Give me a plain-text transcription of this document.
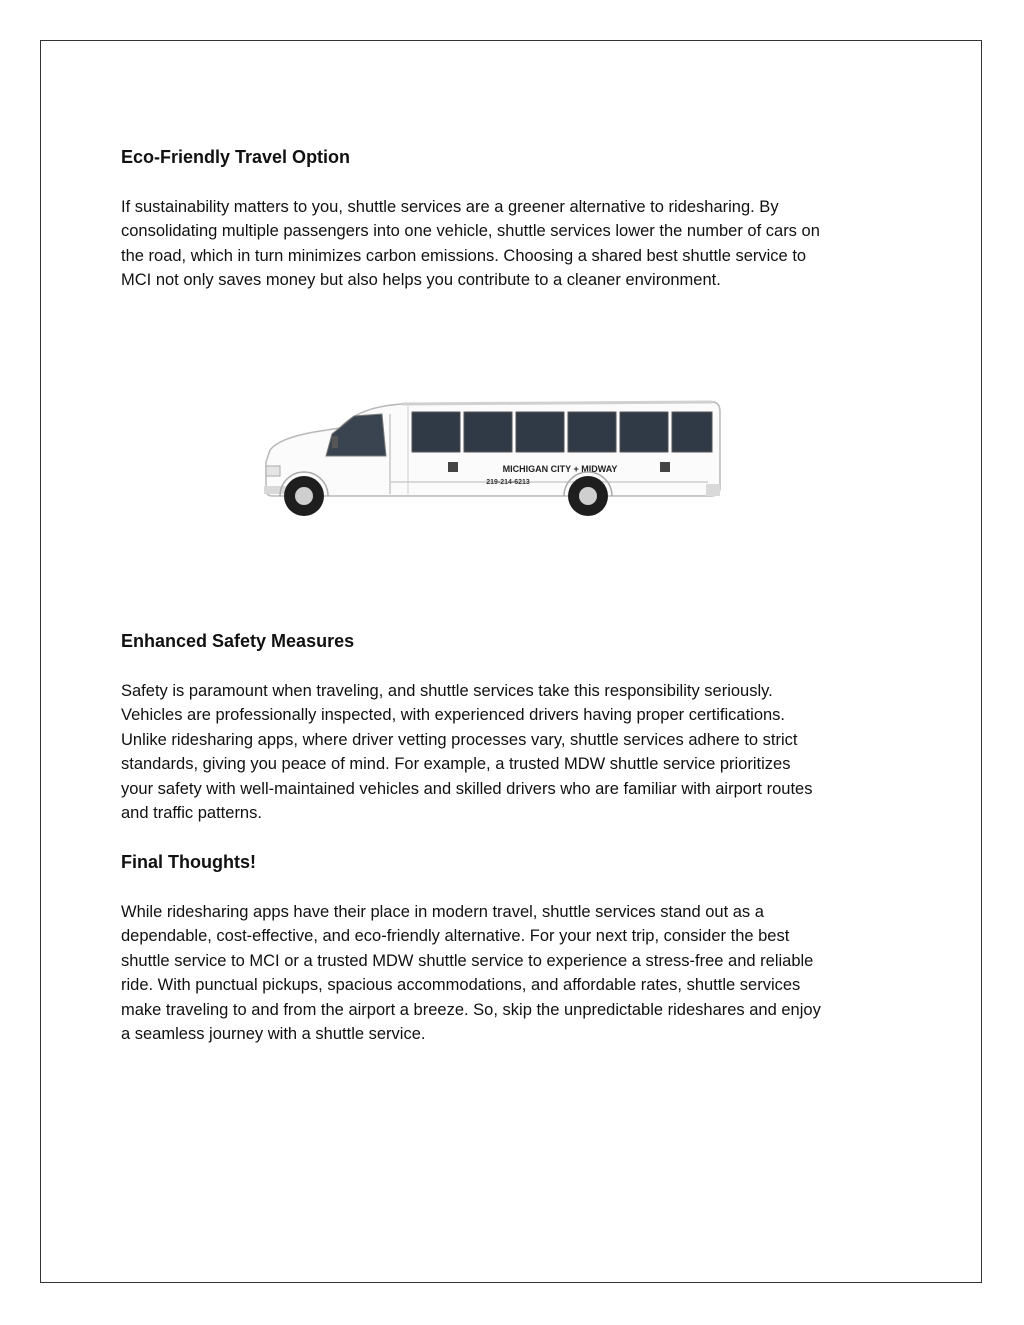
Eco-Friendly Travel Option

If sustainability matters to you, shuttle services are a greener alternative to ridesharing. By
consolidating multiple passengers into one vehicle, shuttle services lower the number of cars on
the road, which in turn minimizes carbon emissions. Choosing a shared best shuttle service to
MCI not only saves money but also helps you contribute to a cleaner environment.

MICHIGAN CITY + MIDWAY
219-214-6213
Enhanced Safety Measures

Safety is paramount when traveling, and shuttle services take this responsibility seriously.
Vehicles are professionally inspected, with experienced drivers having proper certifications.
Unlike ridesharing apps, where driver vetting processes vary, shuttle services adhere to strict
standards, giving you peace of mind. For example, a trusted MDW shuttle service prioritizes
your safety with well-maintained vehicles and skilled drivers who are familiar with airport routes
and traffic patterns.

Final Thoughts!

While ridesharing apps have their place in modern travel, shuttle services stand out as a
dependable, cost-effective, and eco-friendly alternative. For your next trip, consider the best
shuttle service to MCI or a trusted MDW shuttle service to experience a stress-free and reliable
ride. With punctual pickups, spacious accommodations, and affordable rates, shuttle services
make traveling to and from the airport a breeze. So, skip the unpredictable rideshares and enjoy
a seamless journey with a shuttle service.
